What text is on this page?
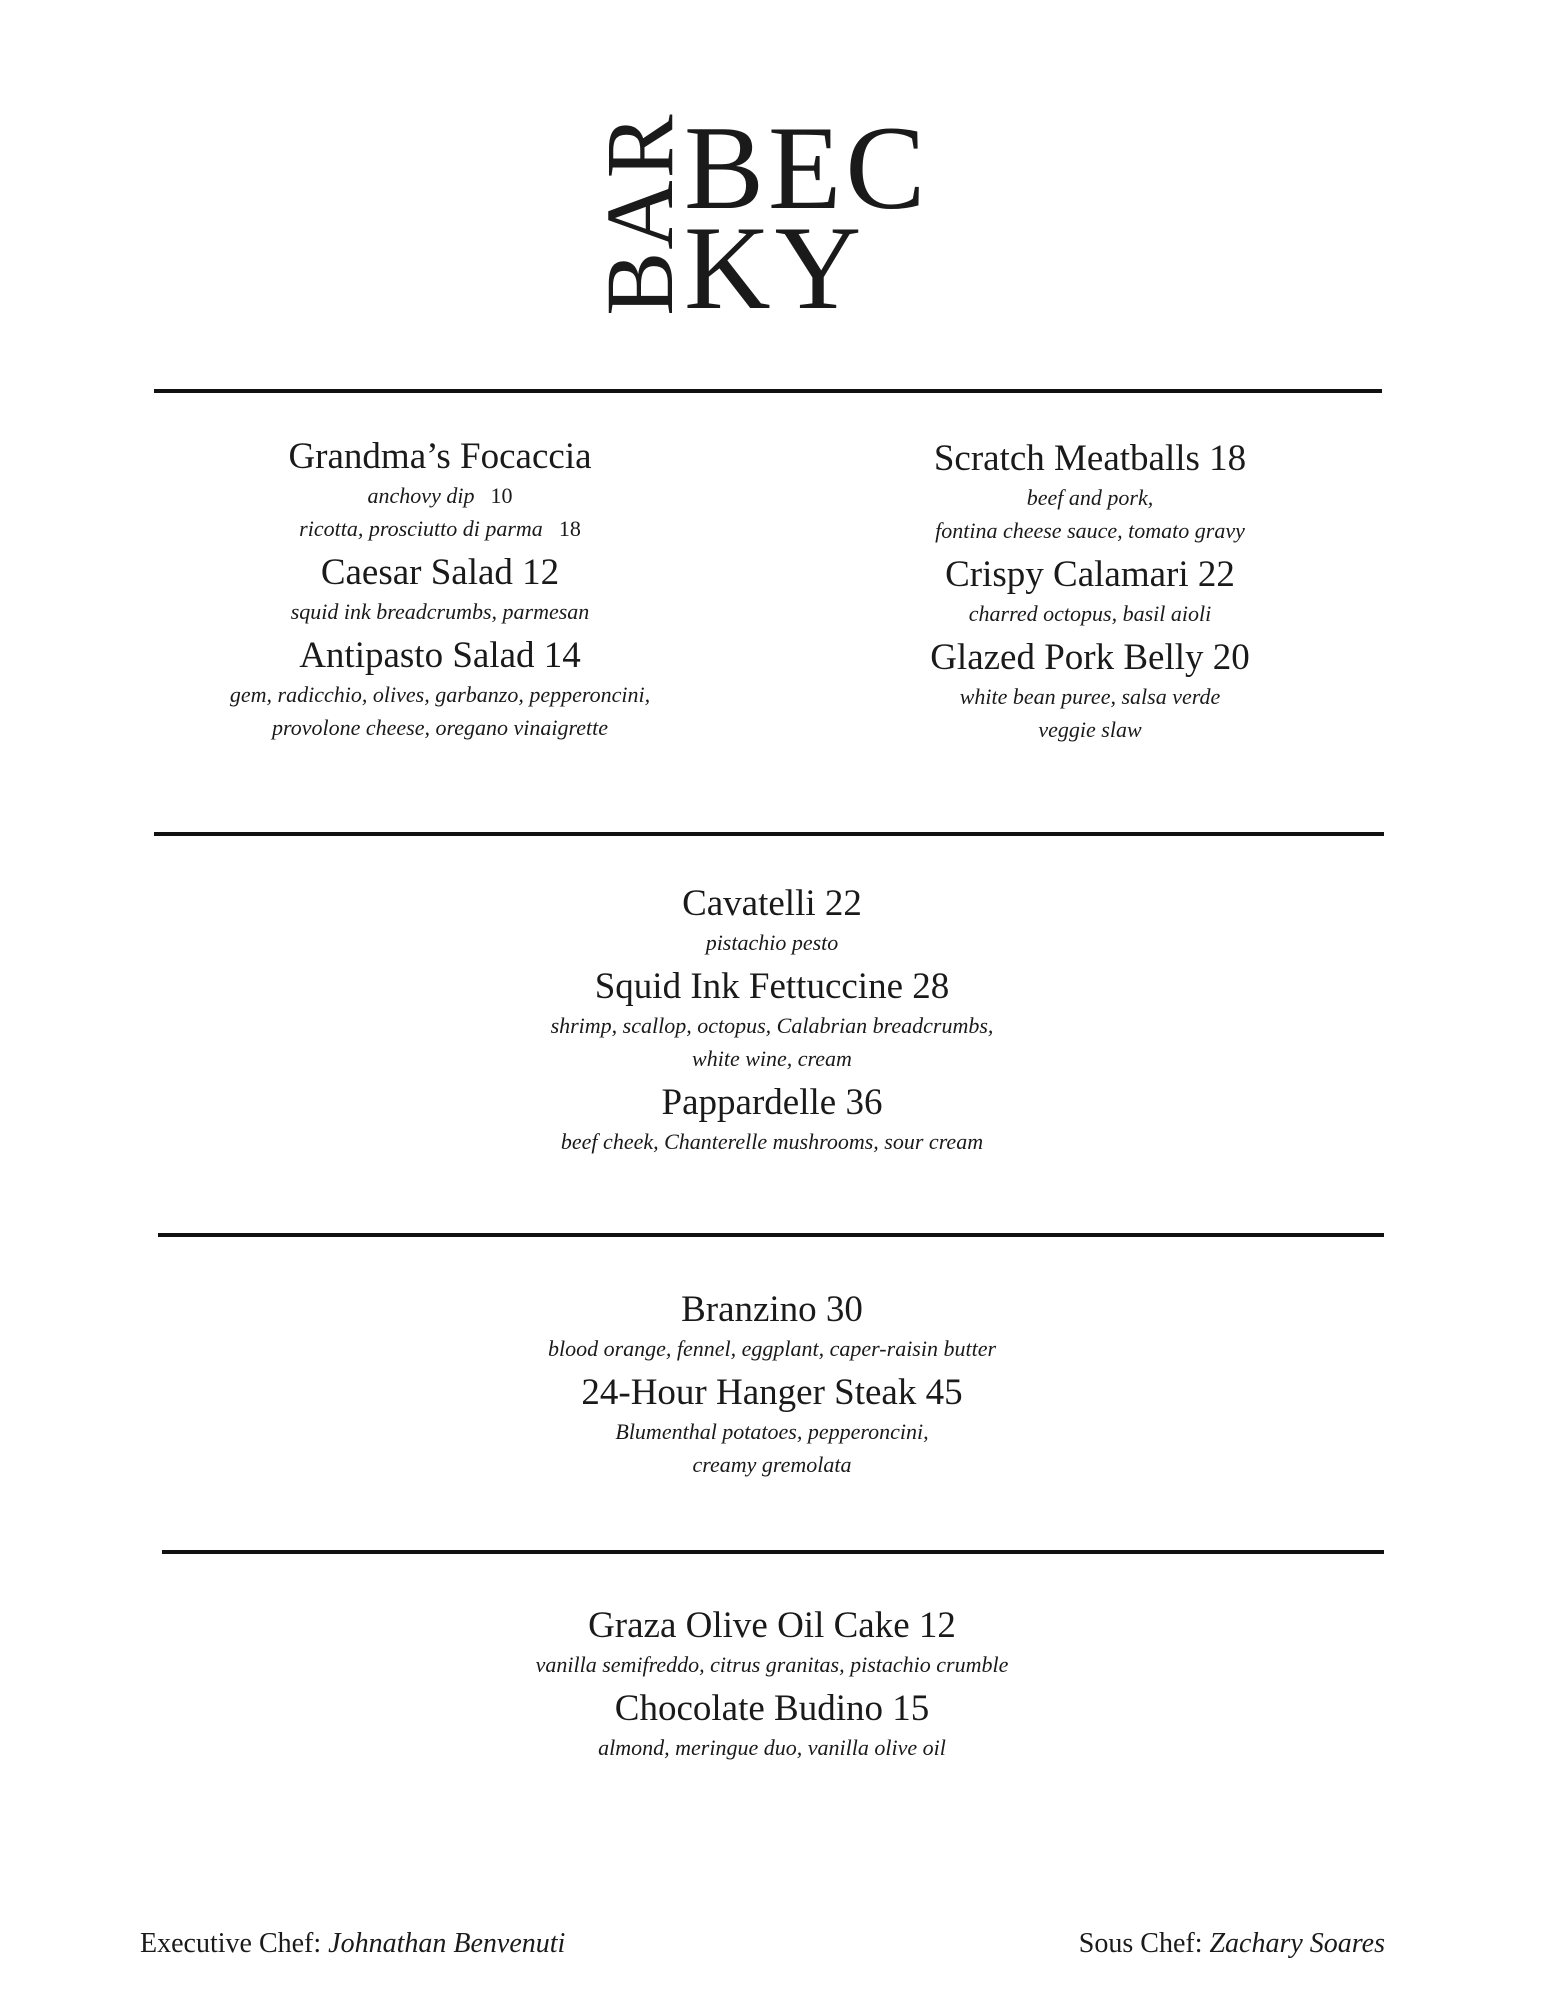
BAR
BEC
KY
Grandma’s Focaccia
anchovy dip 10
ricotta, prosciutto di parma 18
Caesar Salad 12
squid ink breadcrumbs, parmesan
Antipasto Salad 14
gem, radicchio, olives, garbanzo, pepperoncini,
provolone cheese, oregano vinaigrette
Scratch Meatballs 18
beef and pork,
fontina cheese sauce, tomato gravy
Crispy Calamari 22
charred octopus, basil aioli
Glazed Pork Belly 20
white bean puree, salsa verde
veggie slaw
Cavatelli 22
pistachio pesto
Squid Ink Fettuccine 28
shrimp, scallop, octopus, Calabrian breadcrumbs,
white wine, cream
Pappardelle 36
beef cheek, Chanterelle mushrooms, sour cream
Branzino 30
blood orange, fennel, eggplant, caper-raisin butter
24-Hour Hanger Steak 45
Blumenthal potatoes, pepperoncini,
creamy gremolata
Graza Olive Oil Cake 12
vanilla semifreddo, citrus granitas, pistachio crumble
Chocolate Budino 15
almond, meringue duo, vanilla olive oil
Executive Chef: Johnathan Benvenuti	Sous Chef: Zachary Soares
